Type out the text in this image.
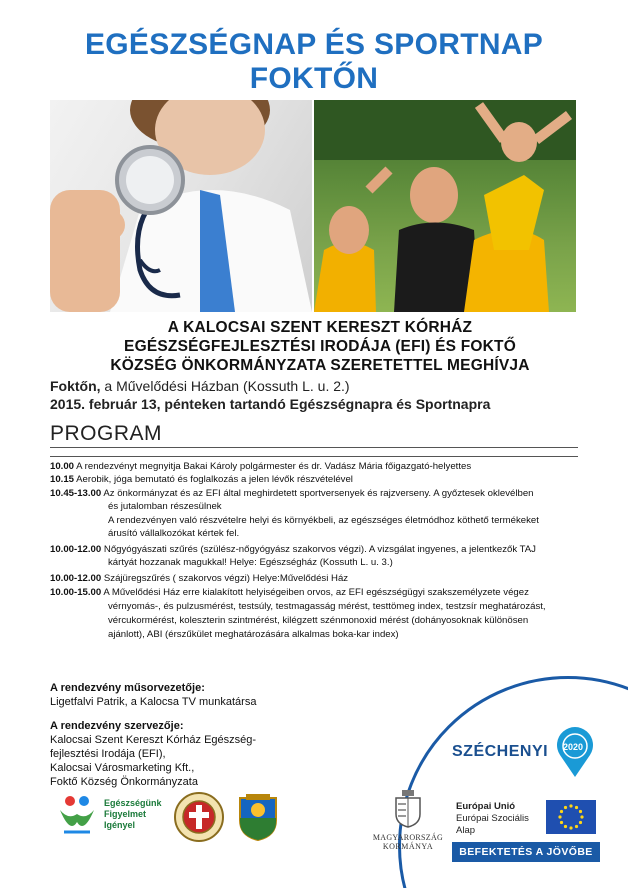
EGÉSZSÉGNAP ÉS SPORTNAP
FOKTŐN
A KALOCSAI SZENT KERESZT KÓRHÁZ
EGÉSZSÉGFEJLESZTÉSI IRODÁJA (EFI) ÉS FOKTŐ
KÖZSÉG ÖNKORMÁNYZATA SZERETETTEL MEGHÍVJA
Foktőn, a Művelődési Házban (Kossuth L. u. 2.)
2015. február 13, pénteken tartandó Egészségnapra és Sportnapra
PROGRAM
10.00 A rendezvényt megnyitja Bakai Károly polgármester és dr. Vadász Mária főigazgató-helyettes
10.15 Aerobik, jóga bemutató és foglalkozás a jelen lévők részvételével
10.45-13.00 Az önkormányzat és az EFI által meghirdetett sportversenyek és rajzverseny. A győztesek oklevélben
és jutalomban részesülnek
A rendezvényen való részvételre helyi és környékbeli, az egészséges életmódhoz köthető termékeket
árusító vállalkozókat kértek fel.
10.00-12.00 Nőgyógyászati szűrés (szülész-nőgyógyász szakorvos végzi). A vizsgálat ingyenes, a jelentkezők TAJ
kártyát hozzanak magukkal! Helye: Egészségház (Kossuth L. u. 3.)
10.00-12.00 Szájüregszűrés ( szakorvos végzi) Helye:Művelődési Ház
10.00-15.00 A Művelődési Ház erre kialakított helyiségeiben orvos, az EFI egészségügyi szakszemélyzete végez
vérnyomás-, és pulzusmérést, testsúly, testmagasság mérést, testtömeg index, testzsír meghatározást,
vércukormérést, koleszterin szintmérést, kilégzett szénmonoxid mérést (dohányosoknak különösen
ajánlott), ABI (érszűkület meghatározására alkalmas boka-kar index)
A rendezvény műsorvezetője:
Ligetfalvi Patrik, a Kalocsa TV munkatársa
A rendezvény szervezője:
Kalocsai Szent Kereszt Kórház Egészség-
fejlesztési Irodája (EFI),
Kalocsai Városmarketing Kft.,
Foktő Község Önkormányzata
SZÉCHENYI 2020
Egészségünk
Figyelmet
Igényel
MAGYARORSZÁG
KORMÁNYA
Európai Unió
Európai Szociális
Alap
BEFEKTETÉS A JÖVŐBE
